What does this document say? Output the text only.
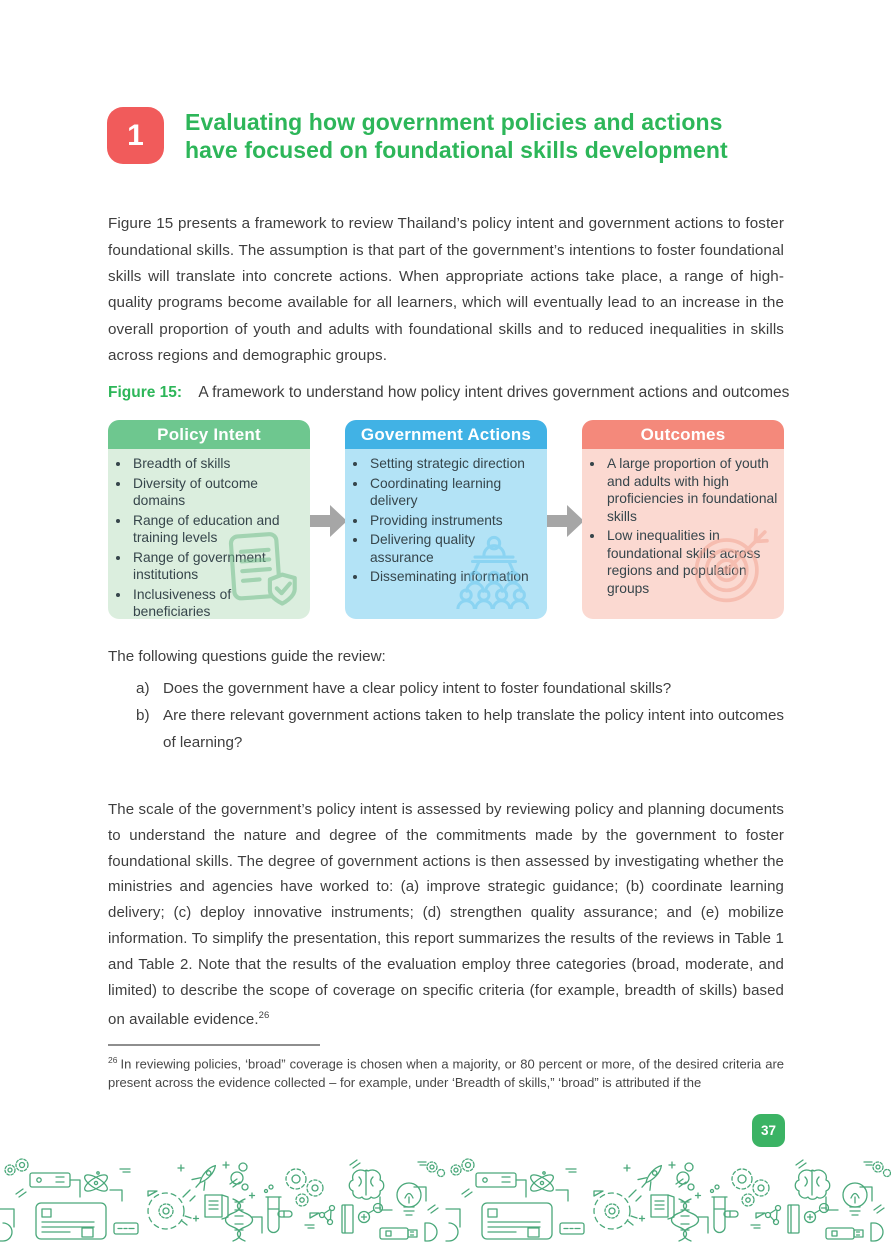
1	Evaluating how government policies and actions
have focused on foundational skills development

Figure 15 presents a framework to review Thailand’s policy intent and government actions to foster foundational skills. The assumption is that part of the government’s intentions to foster foundational skills will translate into concrete actions. When appropriate actions take place, a range of high-quality programs become available for all learners, which will eventually lead to an increase in the overall proportion of youth and adults with foundational skills and to reduced inequalities in skills across regions and demographic groups.

Figure 15: A framework to understand how policy intent drives government actions and outcomes
Policy Intent
• Breadth of skills
• Diversity of outcome domains
• Range of education and training levels
• Range of government institutions
• Inclusiveness of beneficiaries
Government Actions
• Setting strategic direction
• Coordinating learning delivery
• Providing instruments
• Delivering quality assurance
• Disseminating information
Outcomes
• A large proportion of youth and adults with high proficiencies in foundational skills
• Low inequalities in foundational skills across regions and population groups
The following questions guide the review:
a) Does the government have a clear policy intent to foster foundational skills?
b) Are there relevant government actions taken to help translate the policy intent into outcomes of learning?

The scale of the government’s policy intent is assessed by reviewing policy and planning documents to understand the nature and degree of the commitments made by the government to foster foundational skills. The degree of government actions is then assessed by investigating whether the ministries and agencies have worked to: (a) improve strategic guidance; (b) coordinate learning delivery; (c) deploy innovative instruments; (d) strengthen quality assurance; and (e) mobilize information. To simplify the presentation, this report summarizes the results of the reviews in Table 1 and Table 2. Note that the results of the evaluation employ three categories (broad, moderate, and limited) to describe the scope of coverage on specific criteria (for example, breadth of skills) based on available evidence.$^{26}$

$^{26}$ In reviewing policies, ‘broad” coverage is chosen when a majority, or 80 percent or more, of the desired criteria are present across the evidence collected – for example, under ‘Breadth of skills,” ‘broad” is attributed if the
37
